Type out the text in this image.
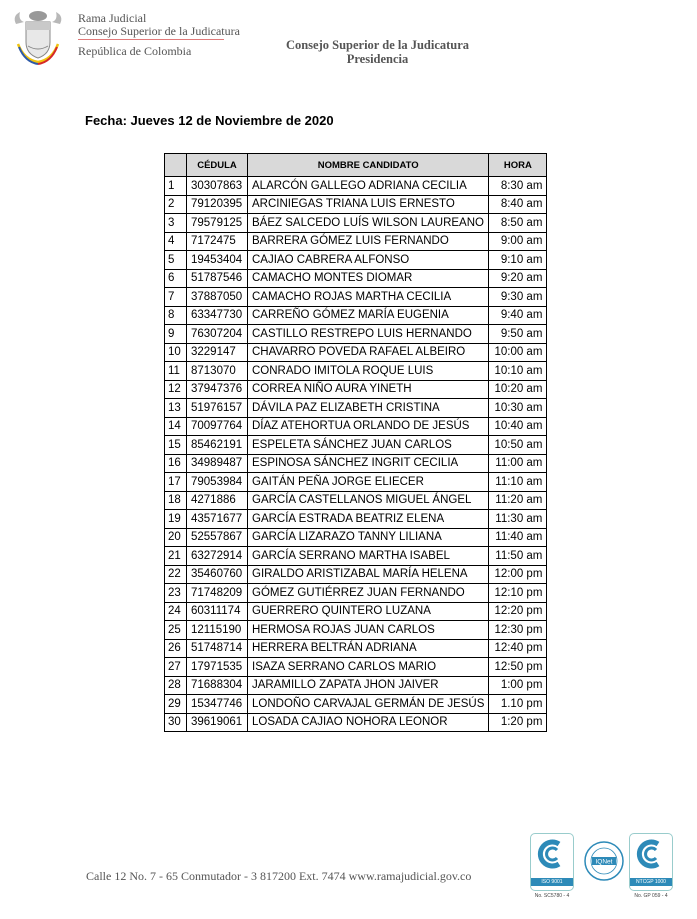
Rama Judicial
Consejo Superior de la Judicatura
República de Colombia	Consejo Superior de la Judicatura
Presidencia
Fecha: Jueves 12 de Noviembre de 2020
	CÉDULA	NOMBRE CANDIDATO	HORA
1	30307863	ALARCÓN GALLEGO ADRIANA CECILIA	8:30 am
2	79120395	ARCINIEGAS TRIANA LUIS ERNESTO	8:40 am
3	79579125	BÁEZ SALCEDO LUÍS WILSON LAUREANO	8:50 am
4	7172475	BARRERA GÓMEZ LUIS FERNANDO	9:00 am
5	19453404	CAJIAO CABRERA ALFONSO	9:10 am
6	51787546	CAMACHO MONTES DIOMAR	9:20 am
7	37887050	CAMACHO ROJAS MARTHA CECILIA	9:30 am
8	63347730	CARREÑO GÓMEZ MARÍA EUGENIA	9:40 am
9	76307204	CASTILLO RESTREPO LUIS HERNANDO	9:50 am
10	3229147	CHAVARRO POVEDA RAFAEL ALBEIRO	10:00 am
11	8713070	CONRADO IMITOLA ROQUE LUIS	10:10 am
12	37947376	CORREA NIÑO AURA YINETH	10:20 am
13	51976157	DÁVILA PAZ ELIZABETH CRISTINA	10:30 am
14	70097764	DÍAZ ATEHORTUA ORLANDO DE JESÚS	10:40 am
15	85462191	ESPELETA SÁNCHEZ JUAN CARLOS	10:50 am
16	34989487	ESPINOSA SÁNCHEZ INGRIT CECILIA	11:00 am
17	79053984	GAITÁN PEÑA JORGE ELIECER	11:10 am
18	4271886	GARCÍA CASTELLANOS MIGUEL ÁNGEL	11:20 am
19	43571677	GARCÍA ESTRADA BEATRIZ ELENA	11:30 am
20	52557867	GARCÍA LIZARAZO TANNY LILIANA	11:40 am
21	63272914	GARCÍA SERRANO MARTHA ISABEL	11:50 am
22	35460760	GIRALDO ARISTIZABAL MARÍA HELENA	12:00 pm
23	71748209	GÓMEZ GUTIÉRREZ JUAN FERNANDO	12:10 pm
24	60311174	GUERRERO QUINTERO LUZANA	12:20 pm
25	12115190	HERMOSA ROJAS JUAN CARLOS	12:30 pm
26	51748714	HERRERA BELTRÁN ADRIANA	12:40 pm
27	17971535	ISAZA SERRANO CARLOS MARIO	12:50 pm
28	71688304	JARAMILLO ZAPATA JHON JAIVER	1:00 pm
29	15347746	LONDOÑO CARVAJAL GERMÁN DE JESÚS	1.10 pm
30	39619061	LOSADA CAJIAO NOHORA LEONOR	1:20 pm
Calle 12 No. 7 - 65 Conmutador - 3 817200 Ext. 7474 www.ramajudicial.gov.co	ISO 9001
No. SC5780 - 4
IQNet
NTCGP 1000
No. GP 059 - 4
